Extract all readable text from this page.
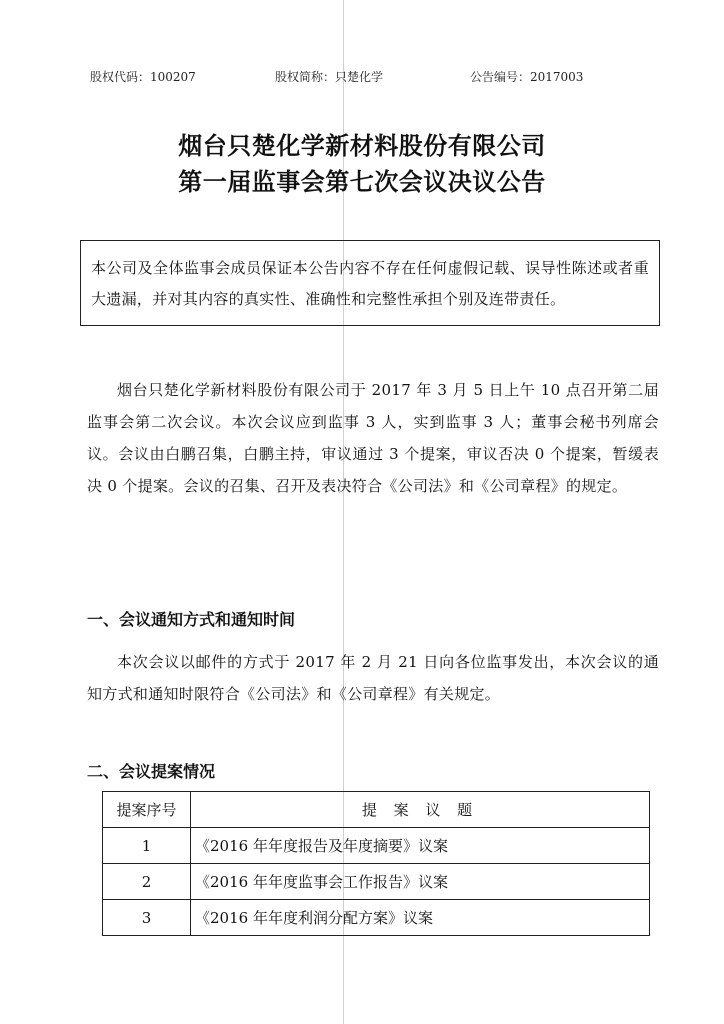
股权代码：100207	股权简称：只楚化学	公告编号：2017003
烟台只楚化学新材料股份有限公司
第一届监事会第七次会议决议公告
本公司及全体监事会成员保证本公告内容不存在任何虚假记载、误导性陈述或者重大遗漏，并对其内容的真实性、准确性和完整性承担个别及连带责任。
烟台只楚化学新材料股份有限公司于 2017 年 3 月 5 日上午 10 点召开第二届监事会第二次会议。本次会议应到监事 3 人，实到监事 3 人；董事会秘书列席会议。会议由白鹏召集，白鹏主持，审议通过 3 个提案，审议否决 0 个提案，暂缓表决 0 个提案。会议的召集、召开及表决符合《公司法》和《公司章程》的规定。
一、会议通知方式和通知时间
本次会议以邮件的方式于 2017 年 2 月 21 日向各位监事发出，本次会议的通知方式和通知时限符合《公司法》和《公司章程》有关规定。
二、会议提案情况
提案序号	提 案 议 题
1	《2016 年年度报告及年度摘要》议案
2	《2016 年年度监事会工作报告》议案
3	《2016 年年度利润分配方案》议案
